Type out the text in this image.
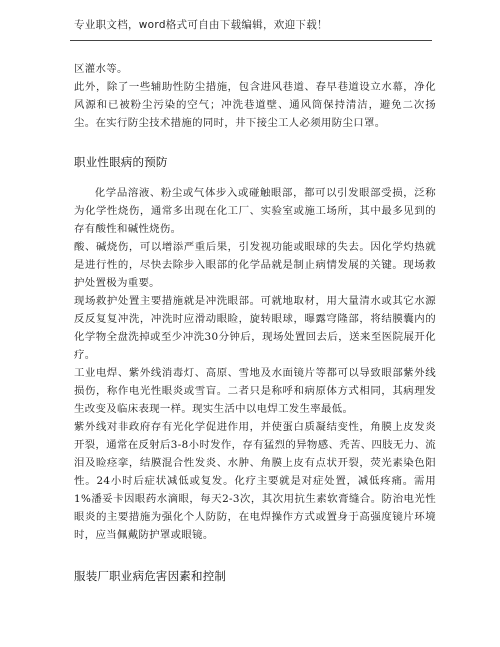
专业职文档，word格式可自由下载编辑，欢迎下载！

区灌水等。

此外，除了一些辅助性防尘措施，包含进风巷道、春早巷道设立水幕，净化风源和已被粉尘污染的空气；冲洗巷道壁、通风筒保持清洁，避免二次扬尘。在实行防尘技术措施的同时，井下接尘工人必须用防尘口罩。

职业性眼病的预防

化学品溶液、粉尘或气体步入或碰触眼部，都可以引发眼部受损，泛称为化学性烧伤，通常多出现在化工厂、实验室或施工场所，其中最多见到的存有酸性和碱性烧伤。

酸、碱烧伤，可以增添严重后果，引发视功能或眼球的失去。因化学灼热就是进行性的，尽快去除步入眼部的化学品就是制止病情发展的关键。现场救护处置极为重要。

现场救护处置主要措施就是冲洗眼部。可就地取材，用大量清水或其它水源反反复复冲洗，冲洗时应滑动眼睑，旋转眼球，曝露穹隆部，将结膜囊内的化学物全盘洗掉或至少冲洗30分钟后，现场处置回去后，送来至医院展开化疗。

工业电焊、紫外线消毒灯、高原、雪地及水面镜片等都可以导致眼部紫外线损伤，称作电光性眼炎或雪盲。二者只是称呼和病原体方式相同，其病理发生改变及临床表现一样。现实生活中以电焊工发生率最低。

紫外线对非政府存有光化学促进作用，并使蛋白质凝结变性，角膜上皮发炎开裂，通常在反射后3-8小时发作，存有猛烈的异物感、秃苦、四肢无力、流泪及睑痉挛，结膜混合性发炎、水肿、角膜上皮有点状开裂，荧光素染色阳性。24小时后症状减低或复发。化疗主要就是对症处置，减低疼痛。需用1%潘妥卡因眼药水滴眼，每天2-3次，其次用抗生素软膏缝合。防治电光性眼炎的主要措施为强化个人防防，在电焊操作方式或置身于高强度镜片环境时，应当佩戴防护罩或眼镜。

服装厂职业病危害因素和控制
